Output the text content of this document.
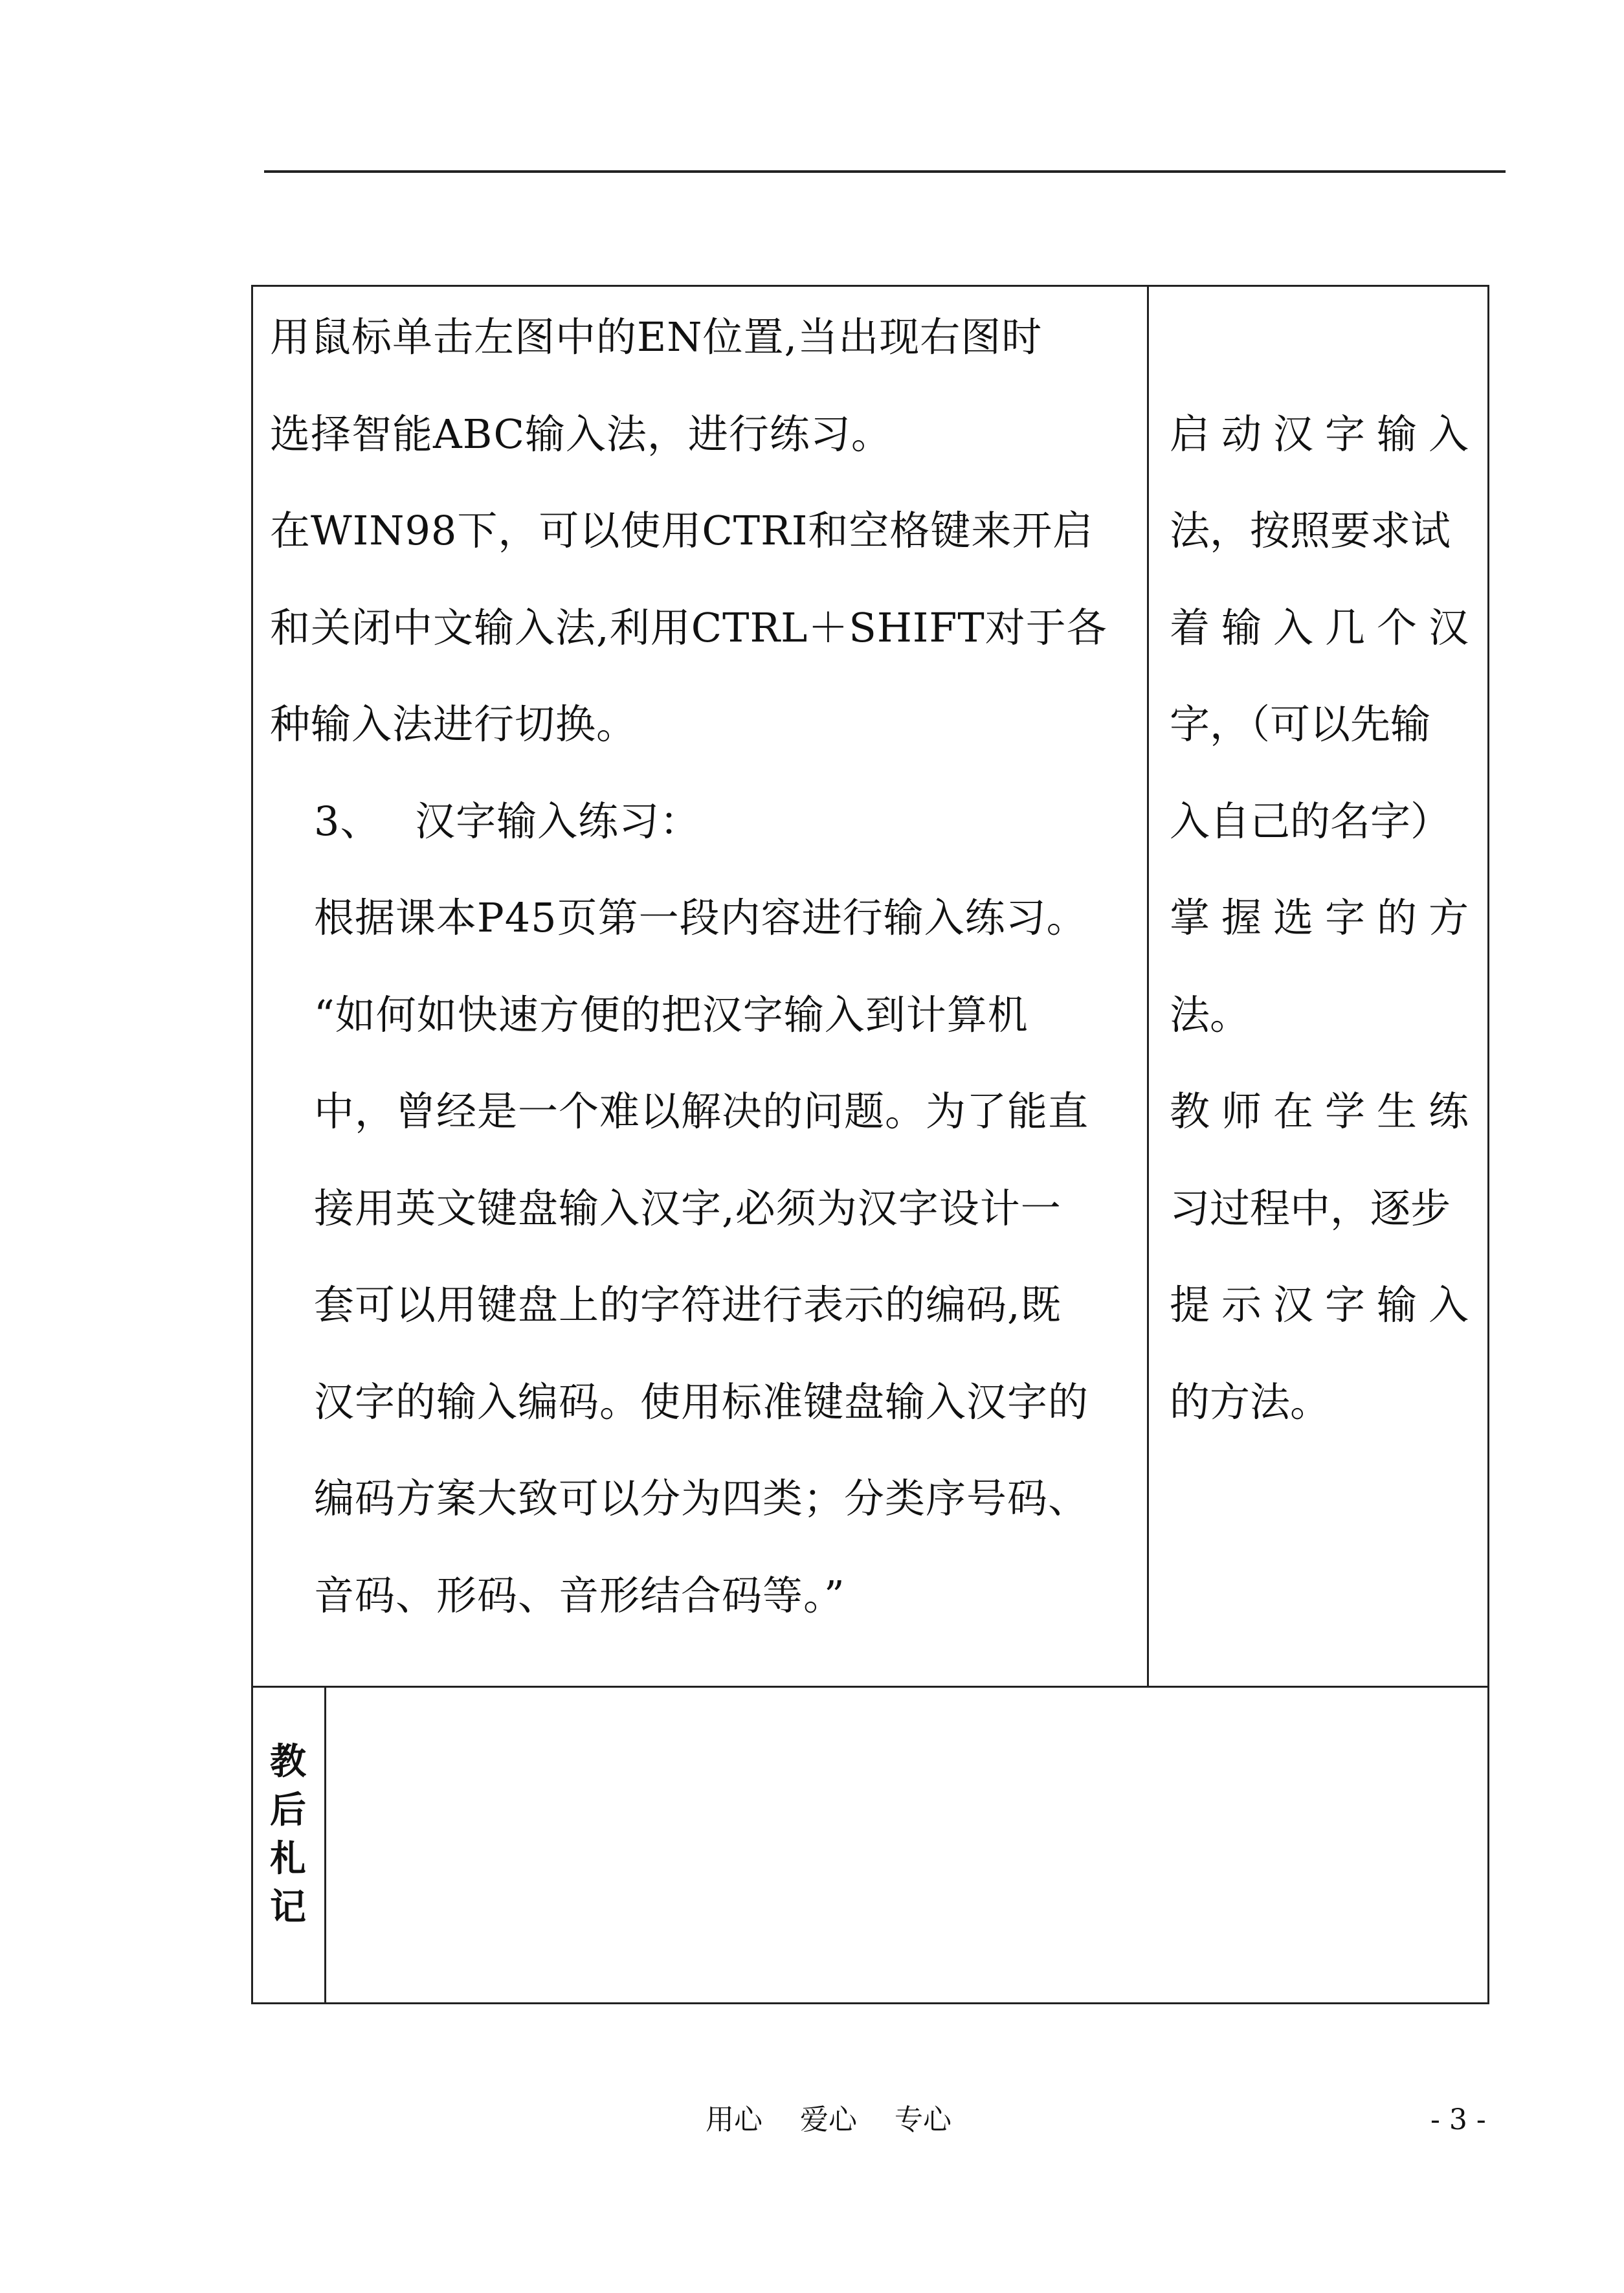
用鼠标单击左图中的EN位置,当出现右图时
选择智能ABC输入法，进行练习。
在WIN98下，可以使用CTRI和空格键来开启
和关闭中文输入法,利用CTRL＋SHIFT对于各
种输入法进行切换。
3、　 汉字输入练习：
根据课本P45页第一段内容进行输入练习。
“如何如快速方便的把汉字输入到计算机
中，曾经是一个难以解决的问题。为了能直
接用英文键盘输入汉字,必须为汉字设计一
套可以用键盘上的字符进行表示的编码,既
汉字的输入编码。使用标准键盘输入汉字的
编码方案大致可以分为四类；分类序号码、
音码、形码、音形结合码等。”
启动汉字输入
法，按照要求试
着输入几个汉
字，（可以先输
入自己的名字）
掌握选字的方
法。
教师在学生练
习过程中，逐步
提示汉字输入
的方法。
教
后
札
记
用心　 爱心　 专心	- 3 -
